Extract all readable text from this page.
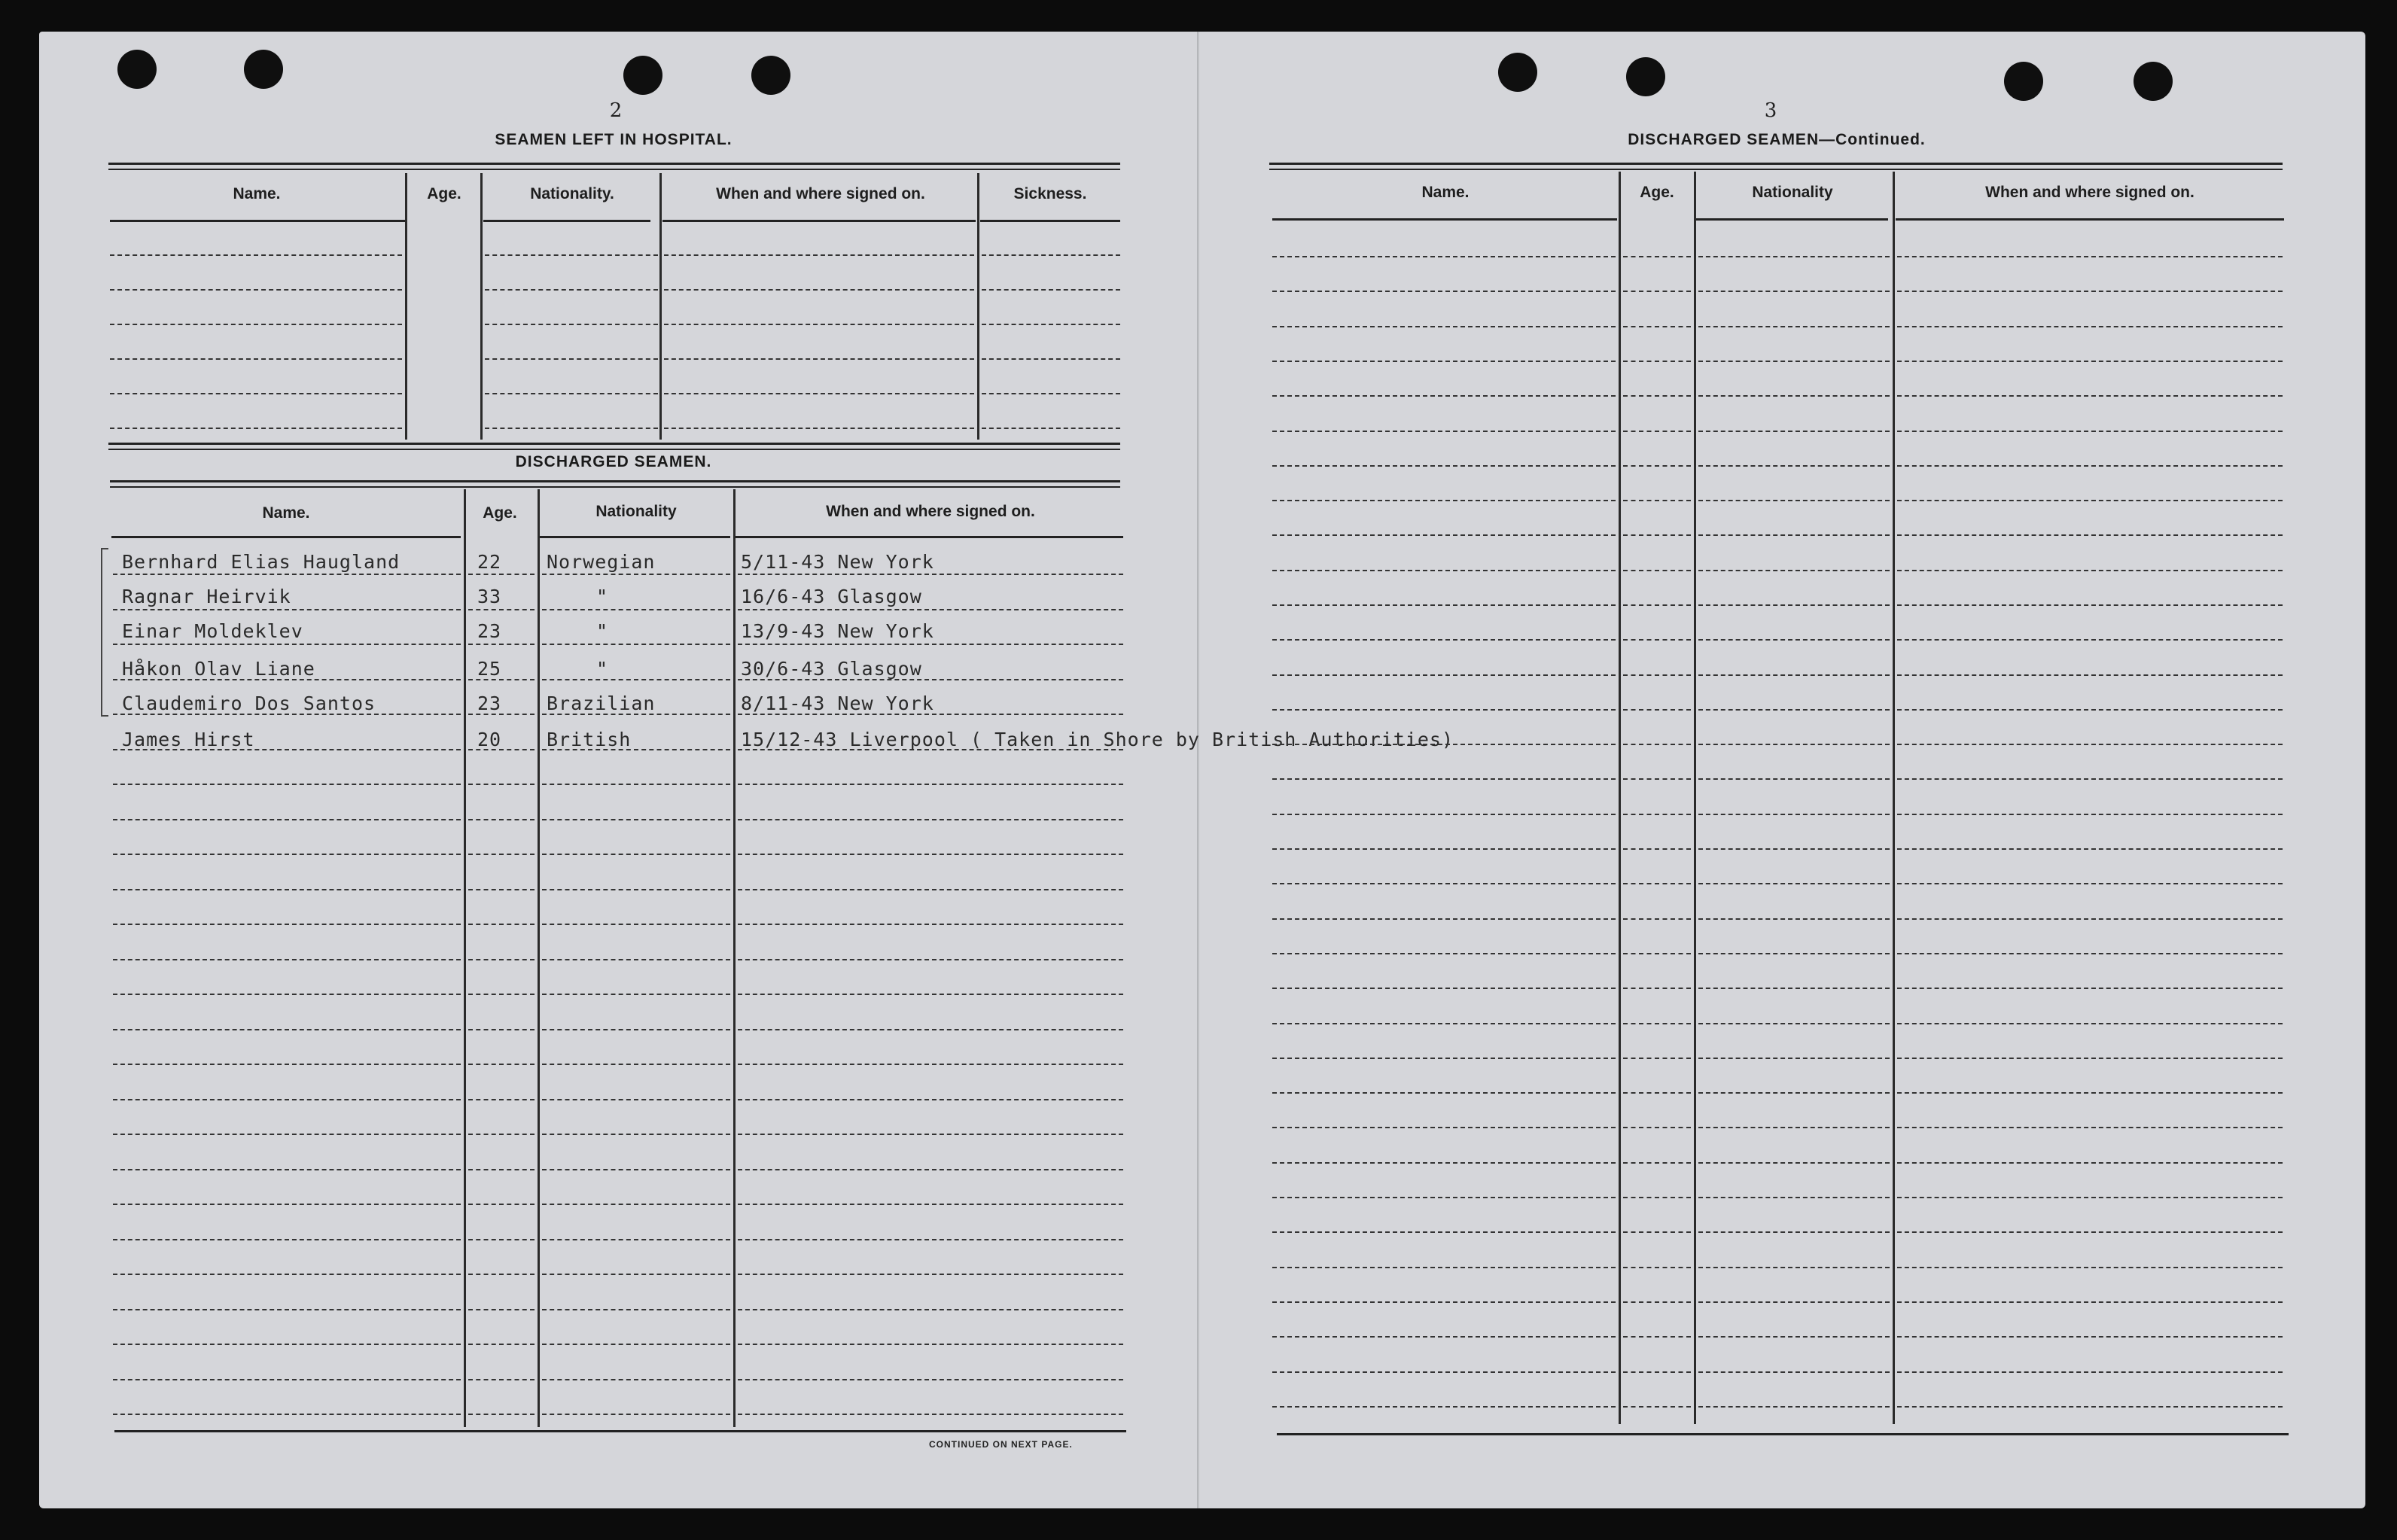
2
SEAMEN LEFT IN HOSPITAL.
Name.	Age.	Nationality.	When and where signed on.	Sickness.
DISCHARGED SEAMEN.
Name.	Age.	Nationality	When and where signed on.
Bernhard Elias Haugland	22 Norwegian	5/11-43 New York
Ragnar Heirvik	33	"	16/6-43 Glasgow
Einar Moldeklev	23	"	13/9-43 New York
Håkon Olav Liane	25	"	30/6-43 Glasgow
Claudemiro Dos Santos	23 Brazilian	8/11-43 New York
James Hirst	20 British	15/12-43 Liverpool ( Taken in Shore by British Authorities)
CONTINUED ON NEXT PAGE.
3
DISCHARGED SEAMEN—Continued.
Name.	Age.	Nationality	When and where signed on.
